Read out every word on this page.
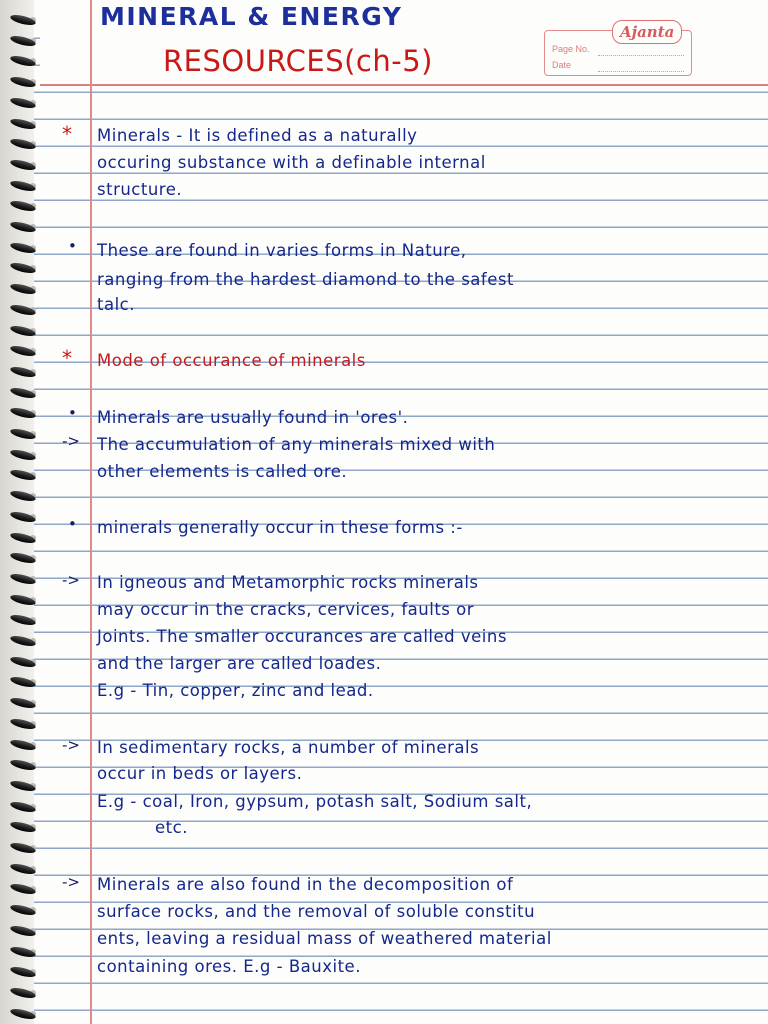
MINERAL & ENERGY
RESOURCES(ch-5)
Ajanta
Page No.
Date
*
•
*
•
->
•
->
->
->
Minerals - It is defined as a naturally
occuring substance with a definable internal
structure.
These are found in varies forms in Nature,
ranging from the hardest diamond to the safest
talc.
Mode of occurance of minerals
Minerals are usually found in 'ores'.
The accumulation of any minerals mixed with
other elements is called ore.
minerals generally occur in these forms :-
In igneous and Metamorphic rocks minerals
may occur in the cracks, cervices, faults or
Joints. The smaller occurances are called veins
and the larger are called loades.
E.g - Tin, copper, zinc and lead.
In sedimentary rocks, a number of minerals
occur in beds or layers.
E.g - coal, Iron, gypsum, potash salt, Sodium salt,
etc.
Minerals are also found in the decomposition of
surface rocks, and the removal of soluble constitu
ents, leaving a residual mass of weathered material
containing ores. E.g - Bauxite.
